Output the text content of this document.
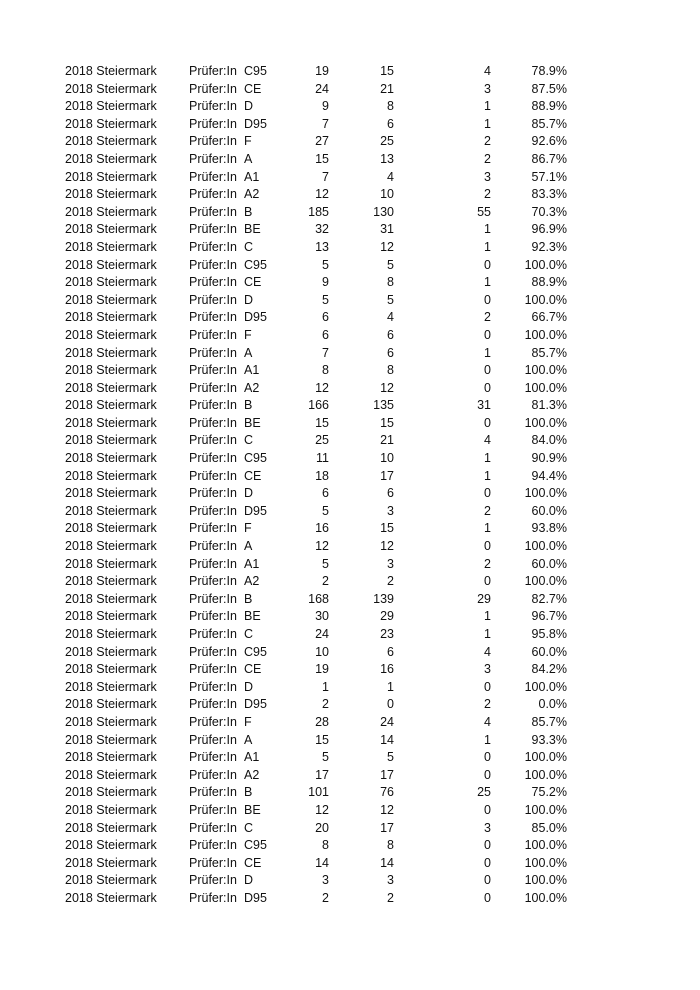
2018 Steiermark	Prüfer:In C95	19	15	4	78.9%
2018 Steiermark	Prüfer:In CE	24	21	3	87.5%
2018 Steiermark	Prüfer:In D	9	8	1	88.9%
2018 Steiermark	Prüfer:In D95	7	6	1	85.7%
2018 Steiermark	Prüfer:In F	27	25	2	92.6%
2018 Steiermark	Prüfer:In A	15	13	2	86.7%
2018 Steiermark	Prüfer:In A1	7	4	3	57.1%
2018 Steiermark	Prüfer:In A2	12	10	2	83.3%
2018 Steiermark	Prüfer:In B	185	130	55	70.3%
2018 Steiermark	Prüfer:In BE	32	31	1	96.9%
2018 Steiermark	Prüfer:In C	13	12	1	92.3%
2018 Steiermark	Prüfer:In C95	5	5	0	100.0%
2018 Steiermark	Prüfer:In CE	9	8	1	88.9%
2018 Steiermark	Prüfer:In D	5	5	0	100.0%
2018 Steiermark	Prüfer:In D95	6	4	2	66.7%
2018 Steiermark	Prüfer:In F	6	6	0	100.0%
2018 Steiermark	Prüfer:In A	7	6	1	85.7%
2018 Steiermark	Prüfer:In A1	8	8	0	100.0%
2018 Steiermark	Prüfer:In A2	12	12	0	100.0%
2018 Steiermark	Prüfer:In B	166	135	31	81.3%
2018 Steiermark	Prüfer:In BE	15	15	0	100.0%
2018 Steiermark	Prüfer:In C	25	21	4	84.0%
2018 Steiermark	Prüfer:In C95	11	10	1	90.9%
2018 Steiermark	Prüfer:In CE	18	17	1	94.4%
2018 Steiermark	Prüfer:In D	6	6	0	100.0%
2018 Steiermark	Prüfer:In D95	5	3	2	60.0%
2018 Steiermark	Prüfer:In F	16	15	1	93.8%
2018 Steiermark	Prüfer:In A	12	12	0	100.0%
2018 Steiermark	Prüfer:In A1	5	3	2	60.0%
2018 Steiermark	Prüfer:In A2	2	2	0	100.0%
2018 Steiermark	Prüfer:In B	168	139	29	82.7%
2018 Steiermark	Prüfer:In BE	30	29	1	96.7%
2018 Steiermark	Prüfer:In C	24	23	1	95.8%
2018 Steiermark	Prüfer:In C95	10	6	4	60.0%
2018 Steiermark	Prüfer:In CE	19	16	3	84.2%
2018 Steiermark	Prüfer:In D	1	1	0	100.0%
2018 Steiermark	Prüfer:In D95	2	0	2	0.0%
2018 Steiermark	Prüfer:In F	28	24	4	85.7%
2018 Steiermark	Prüfer:In A	15	14	1	93.3%
2018 Steiermark	Prüfer:In A1	5	5	0	100.0%
2018 Steiermark	Prüfer:In A2	17	17	0	100.0%
2018 Steiermark	Prüfer:In B	101	76	25	75.2%
2018 Steiermark	Prüfer:In BE	12	12	0	100.0%
2018 Steiermark	Prüfer:In C	20	17	3	85.0%
2018 Steiermark	Prüfer:In C95	8	8	0	100.0%
2018 Steiermark	Prüfer:In CE	14	14	0	100.0%
2018 Steiermark	Prüfer:In D	3	3	0	100.0%
2018 Steiermark	Prüfer:In D95	2	2	0	100.0%
